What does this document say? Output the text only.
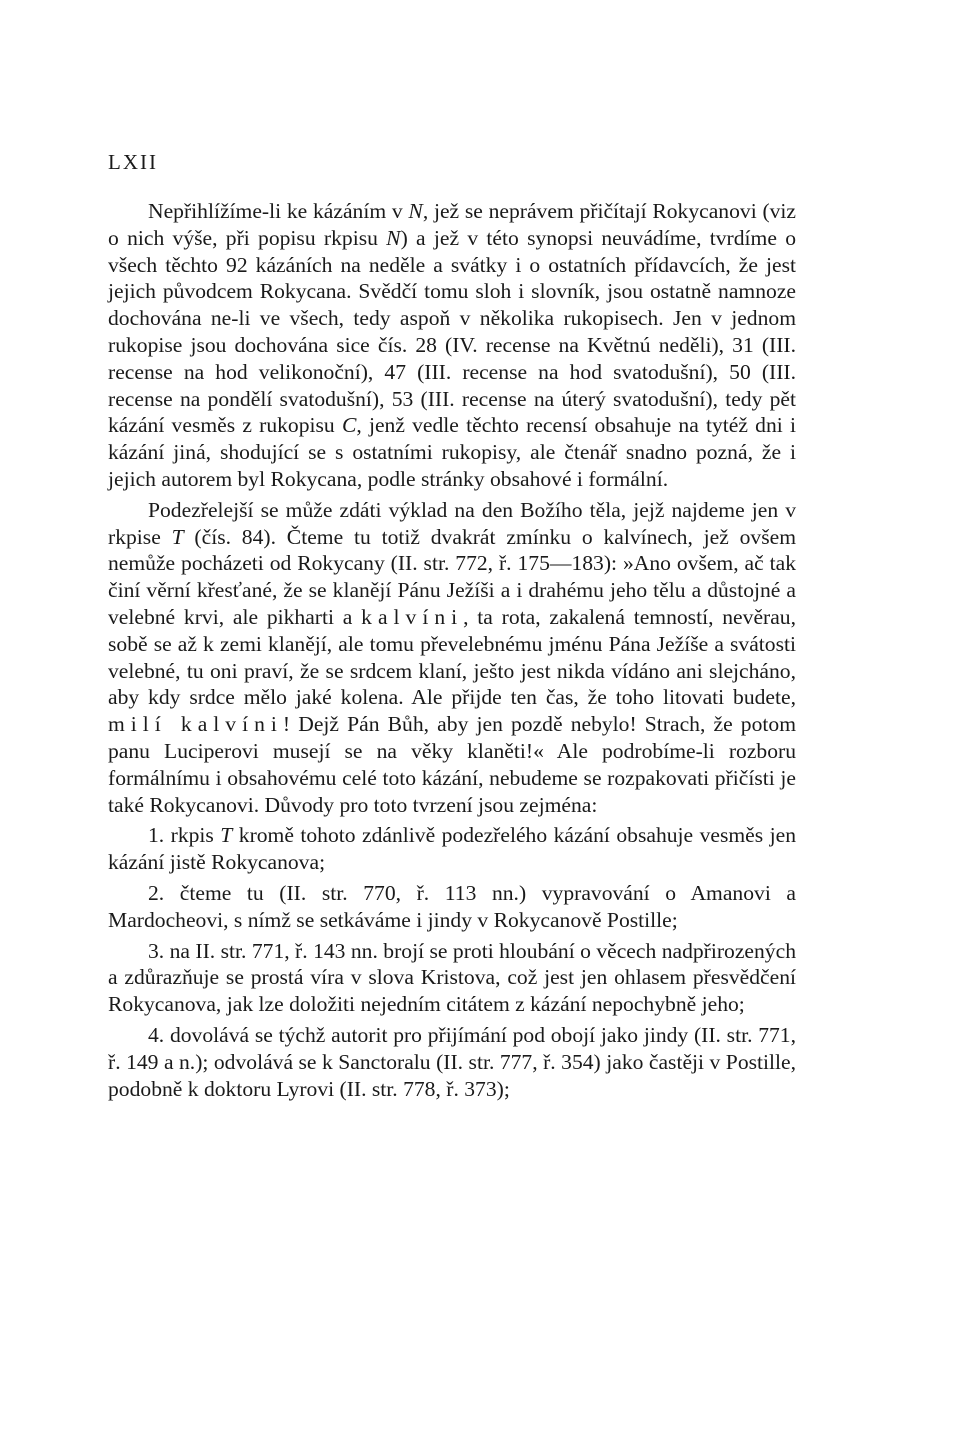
LXII

Nepřihlížíme-li ke kázáním v N, jež se neprávem přičítají Rokycanovi (viz o nich výše, při popisu rkpisu N) a jež v této synopsi neuvádíme, tvrdíme o všech těchto 92 kázáních na neděle a svátky i o ostatních přídavcích, že jest jejich původcem Rokycana. Svědčí tomu sloh i slovník, jsou ostatně namnoze dochována ne-li ve všech, tedy aspoň v několika rukopisech. Jen v jednom rukopise jsou dochována sice čís. 28 (IV. recense na Květnú neděli), 31 (III. recense na hod velikonoční), 47 (III. recense na hod svatodušní), 50 (III. recense na pondělí svatodušní), 53 (III. recense na úterý svatodušní), tedy pět kázání vesměs z rukopisu C, jenž vedle těchto recensí obsahuje na tytéž dni i kázání jiná, shodující se s ostatními rukopisy, ale čtenář snadno pozná, že i jejich autorem byl Rokycana, podle stránky obsahové i formální.

Podezřelejší se může zdáti výklad na den Božího těla, jejž najdeme jen v rkpise T (čís. 84). Čteme tu totiž dvakrát zmínku o kalvínech, jež ovšem nemůže pocházeti od Rokycany (II. str. 772, ř. 175—183): »Ano ovšem, ač tak činí věrní křesťané, že se klanějí Pánu Ježíši a i drahému jeho tělu a důstojné a velebné krvi, ale pikharti a kalvíni, ta rota, zakalená temností, nevěrau, sobě se až k zemi klanějí, ale tomu převelebnému jménu Pána Ježíše a svátosti velebné, tu oni praví, že se srdcem klaní, ješto jest nikda vídáno ani slejcháno, aby kdy srdce mělo jaké kolena. Ale přijde ten čas, že toho litovati budete, milí kalvíni! Dejž Pán Bůh, aby jen pozdě nebylo! Strach, že potom panu Luciperovi musejí se na věky klaněti!« Ale podrobíme-li rozboru formálnímu i obsahovému celé toto kázání, nebudeme se rozpakovati přičísti je také Rokycanovi. Důvody pro toto tvrzení jsou zejména:

1. rkpis T kromě tohoto zdánlivě podezřelého kázání obsahuje vesměs jen kázání jistě Rokycanova;

2. čteme tu (II. str. 770, ř. 113 nn.) vypravování o Amanovi a Mardocheovi, s nímž se setkáváme i jindy v Rokycanově Postille;

3. na II. str. 771, ř. 143 nn. brojí se proti hloubání o věcech nadpřirozených a zdůrazňuje se prostá víra v slova Kristova, což jest jen ohlasem přesvědčení Rokycanova, jak lze doložiti nejedním citátem z kázání nepochybně jeho;

4. dovolává se týchž autorit pro přijímání pod obojí jako jindy (II. str. 771, ř. 149 a n.); odvolává se k Sanctoralu (II. str. 777, ř. 354) jako častěji v Postille, podobně k doktoru Lyrovi (II. str. 778, ř. 373);
